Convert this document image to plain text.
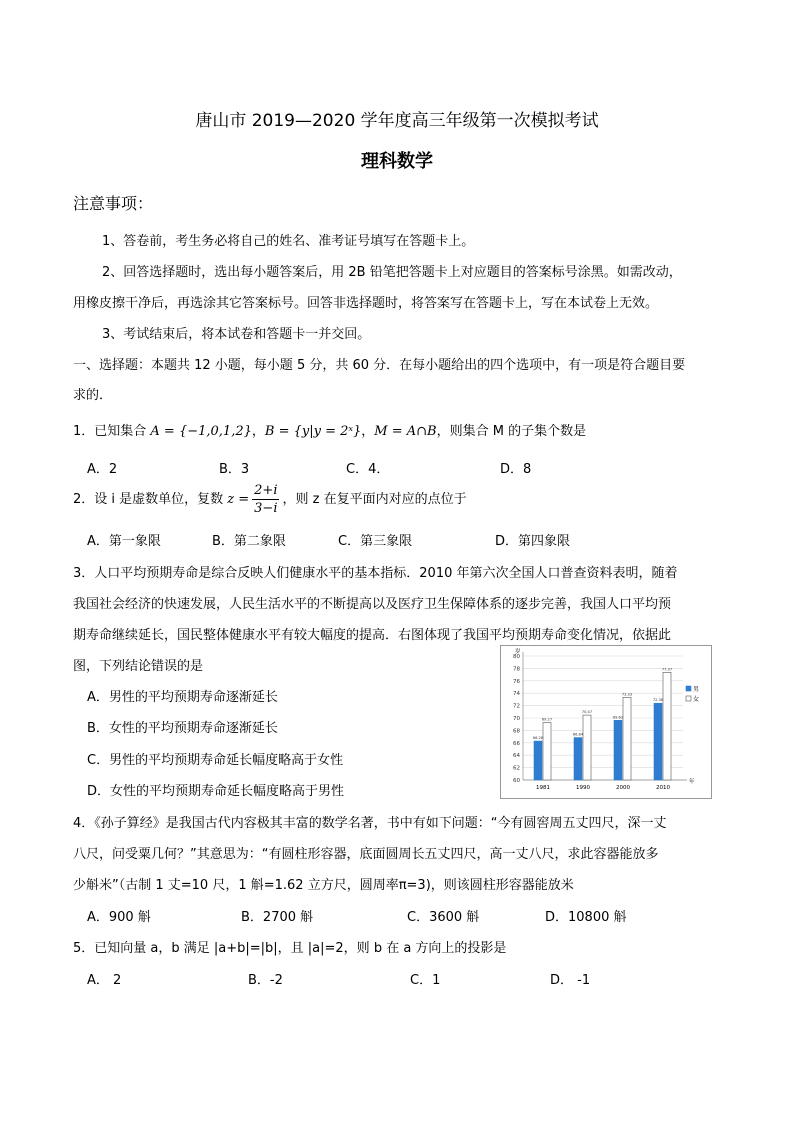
唐山市 2019—2020 学年度高三年级第一次模拟考试
理科数学
注意事项：
1、答卷前，考生务必将自己的姓名、准考证号填写在答题卡上。
2、回答选择题时，选出每小题答案后，用 2B 铅笔把答题卡上对应题目的答案标号涂黑。如需改动，
用橡皮擦干净后，再选涂其它答案标号。回答非选择题时，将答案写在答题卡上，写在本试卷上无效。
3、考试结束后，将本试卷和答题卡一并交回。
一、选择题：本题共 12 小题，每小题 5 分，共 60 分．在每小题给出的四个选项中，有一项是符合题目要
求的．
1．已知集合 A = {−1,0,1,2}，B = {y|y = 2ˣ}，M = A∩B，则集合 M 的子集个数是
A．2	B．3	C．4．	D．8
2．设 i 是虚数单位，复数 $z = \frac{2+i}{3-i}$ ，则 z 在复平面内对应的点位于
A．第一象限	B．第二象限	C．第三象限	D．第四象限
3．人口平均预期寿命是综合反映人们健康水平的基本指标．2010 年第六次全国人口普查资料表明，随着
我国社会经济的快速发展，人民生活水平的不断提高以及医疗卫生保障体系的逐步完善，我国人口平均预
期寿命继续延长，国民整体健康水平有较大幅度的提高．右图体现了我国平均预期寿命变化情况，依据此
图，下列结论错误的是
A．男性的平均预期寿命逐渐延长
B．女性的平均预期寿命逐渐延长
C．男性的平均预期寿命延长幅度略高于女性
D．女性的平均预期寿命延长幅度略高于男性
60
62
64
66
68
70
72
74
76
78
80
岁
年
66.28
69.27
1981
66.84
70.47
1990
69.63
73.33
2000
72.38
77.37
2010
男
女
4．《孙子算经》是我国古代内容极其丰富的数学名著，书中有如下问题：“今有圆窖周五丈四尺，深一丈
八尺，问受粟几何？”其意思为：“有圆柱形容器，底面圆周长五丈四尺，高一丈八尺，求此容器能放多
少斛米”（古制 1 丈=10 尺，1 斛=1.62 立方尺，圆周率π=3)，则该圆柱形容器能放米
A．900 斛	B．2700 斛	C．3600 斛	D．10800 斛
5．已知向量 a，b 满足 |a+b|=|b|，且 |a|=2，则 b 在 a 方向上的投影是
A． 2	B．-2	C．1	D． -1
